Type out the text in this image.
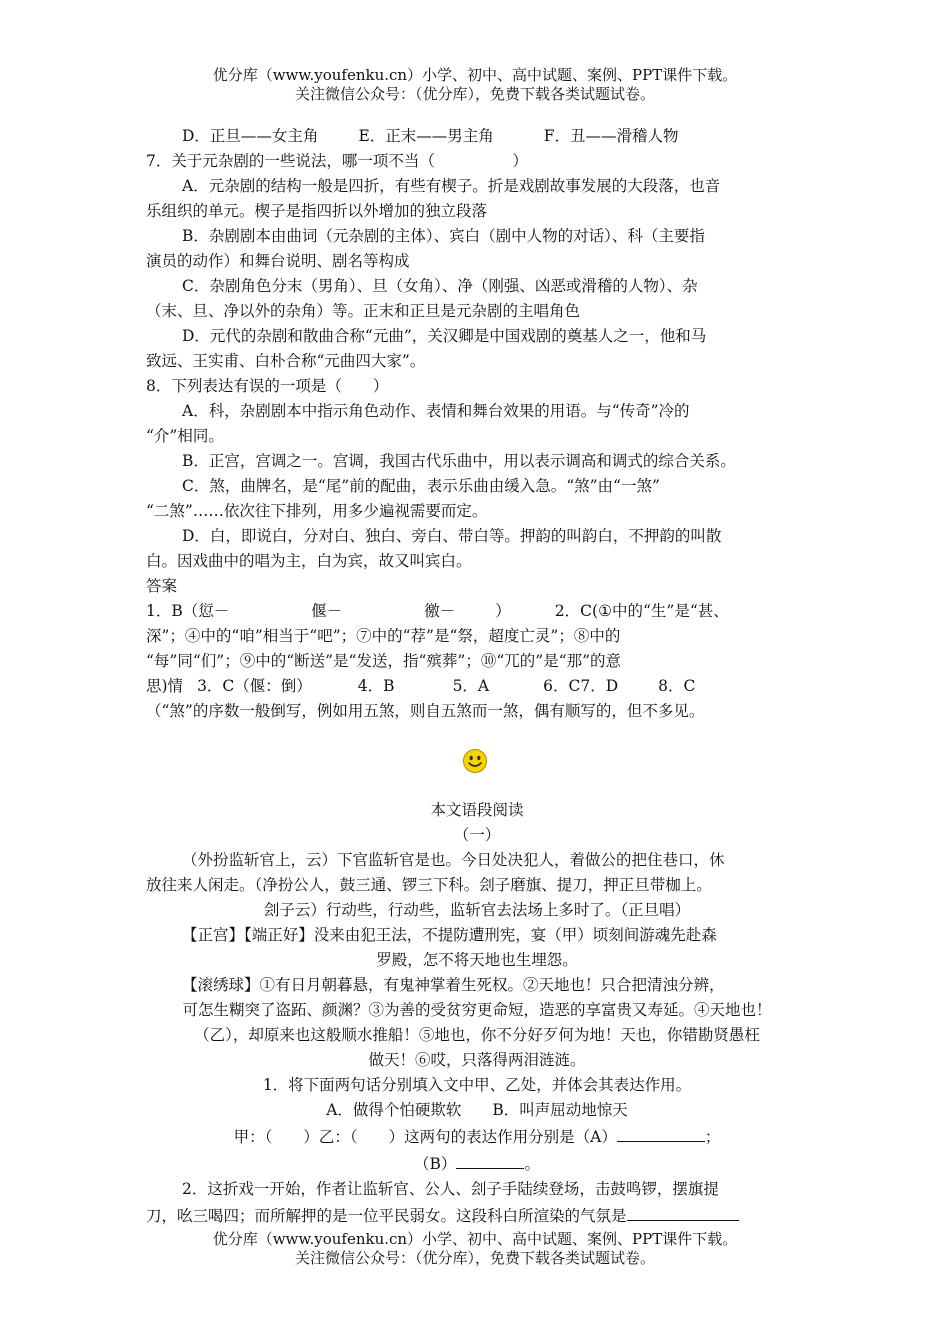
优分库（www.youfenku.cn）小学、初中、高中试题、案例、PPT课件下载。
关注微信公众号：（优分库），免费下载各类试题试卷。

D．正旦——女主角	E．正末——男主角	F．丑——滑稽人物

7．关于元杂剧的一些说法，哪一项不当（　　　　　）

A．元杂剧的结构一般是四折，有些有楔子。折是戏剧故事发展的大段落，也音

乐组织的单元。楔子是指四折以外增加的独立段落

B．杂剧剧本由曲词（元杂剧的主体）、宾白（剧中人物的对话）、科（主要指

演员的动作）和舞台说明、剧名等构成

C．杂剧角色分末（男角）、旦（女角）、净（刚强、凶恶或滑稽的人物）、杂

（末、旦、净以外的杂角）等。正末和正旦是元杂剧的主唱角色

D．元代的杂剧和散曲合称“元曲”，关汉卿是中国戏剧的奠基人之一，他和马

致远、王实甫、白朴合称“元曲四大家”。

8．下列表达有误的一项是（　　）

A．科，杂剧剧本中指示角色动作、表情和舞台效果的用语。与“传奇”冷的

“介”相同。

B．正宫，宫调之一。宫调，我国古代乐曲中，用以表示调高和调式的综合关系。

C．煞，曲牌名，是“尾”前的配曲，表示乐曲由缓入急。“煞”由“一煞”

“二煞”……依次往下排列，用多少遍视需要而定。

D．白，即说白，分对白、独白、旁白、带白等。押韵的叫韵白，不押韵的叫散

白。因戏曲中的唱为主，白为宾，故又叫宾白。

答案

1．B（愆－	偃－	徼－	）	2．C(①中的“生”是“甚、

深”；④中的“咱”相当于“吧”；⑦中的“荐”是“祭，超度亡灵”；⑧中的

“每”同“们”；⑨中的“断送”是“发送，指“殡葬”；⑩“兀的”是“那”的意

思)情 3．C（偃：倒）	4．B	5．A	6．C7．D	8．C

（“煞”的序数一般倒写，例如用五煞，则自五煞而一煞，偶有顺写的，但不多见。

本文语段阅读

（一）

（外扮监斩官上，云）下官监斩官是也。今日处决犯人，着做公的把住巷口，休

放往来人闲走。（净扮公人，鼓三通、锣三下科。刽子磨旗、提刀，押正旦带枷上。

刽子云）行动些，行动些，监斩官去法场上多时了。（正旦唱）

【正宫】【端正好】没来由犯王法，不提防遭刑宪，宴（甲）顷刻间游魂先赴森

罗殿，怎不将天地也生埋怨。

【滚绣球】①有日月朝暮悬，有鬼神掌着生死权。②天地也！只合把清浊分辨，

可怎生糊突了盗跖、颜渊？③为善的受贫穷更命短，造恶的享富贵又寿延。④天地也！

（乙），却原来也这般顺水推船！⑤地也，你不分好歹何为地！天也，你错勘贤愚枉

做天！⑥哎，只落得两泪涟涟。

1．将下面两句话分别填入文中甲、乙处，并体会其表达作用。

A．做得个怕硬欺软　　B．叫声屈动地惊天

甲：（　　）乙：（　　）这两句的表达作用分别是（A）	；

（B）	。

2．这折戏一开始，作者让监斩官、公人、刽子手陆续登场，击鼓鸣锣，摆旗提

刀，吆三喝四；而所解押的是一位平民弱女。这段科白所渲染的气氛是

优分库（www.youfenku.cn）小学、初中、高中试题、案例、PPT课件下载。
关注微信公众号：（优分库），免费下载各类试题试卷。
